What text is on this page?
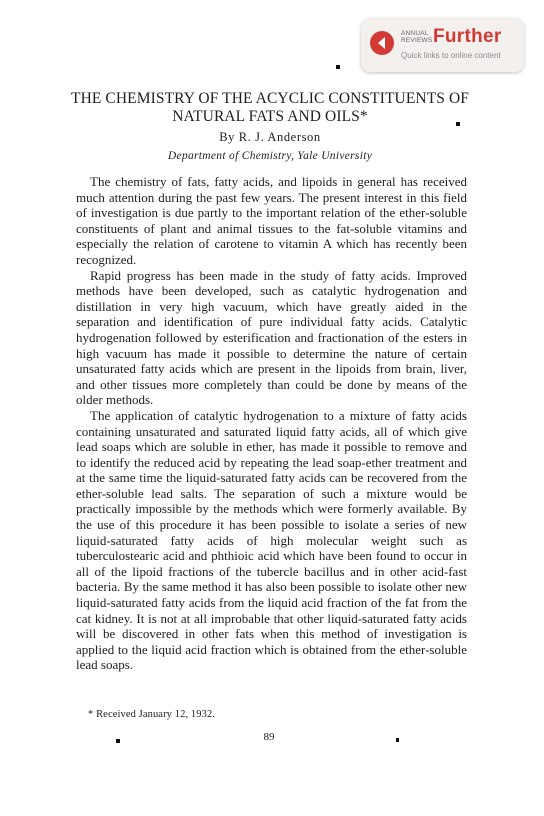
ANNUAL REVIEWS Further
Quick links to online content
THE CHEMISTRY OF THE ACYCLIC CONSTITUENTS OF NATURAL FATS AND OILS*
By R. J. Anderson
Department of Chemistry, Yale University

The chemistry of fats, fatty acids, and lipoids in general has received much attention during the past few years. The present interest in this field of investigation is due partly to the important relation of the ether-soluble constituents of plant and animal tissues to the fat-soluble vitamins and especially the relation of carotene to vitamin A which has recently been recognized.

Rapid progress has been made in the study of fatty acids. Improved methods have been developed, such as catalytic hydrogenation and distillation in very high vacuum, which have greatly aided in the separation and identification of pure individual fatty acids. Catalytic hydrogenation followed by esterification and fractionation of the esters in high vacuum has made it possible to determine the nature of certain unsaturated fatty acids which are present in the lipoids from brain, liver, and other tissues more completely than could be done by means of the older methods.

The application of catalytic hydrogenation to a mixture of fatty acids containing unsaturated and saturated liquid fatty acids, all of which give lead soaps which are soluble in ether, has made it possible to remove and to identify the reduced acid by repeating the lead soap-ether treatment and at the same time the liquid-saturated fatty acids can be recovered from the ether-soluble lead salts. The separation of such a mixture would be practically impossible by the methods which were formerly available. By the use of this procedure it has been possible to isolate a series of new liquid-saturated fatty acids of high molecular weight such as tuberculostearic acid and phthioic acid which have been found to occur in all of the lipoid fractions of the tubercle bacillus and in other acid-fast bacteria. By the same method it has also been possible to isolate other new liquid-saturated fatty acids from the liquid acid fraction of the fat from the cat kidney. It is not at all improbable that other liquid-saturated fatty acids will be discovered in other fats when this method of investigation is applied to the liquid acid fraction which is obtained from the ether-soluble lead soaps.

* Received January 12, 1932.
89
